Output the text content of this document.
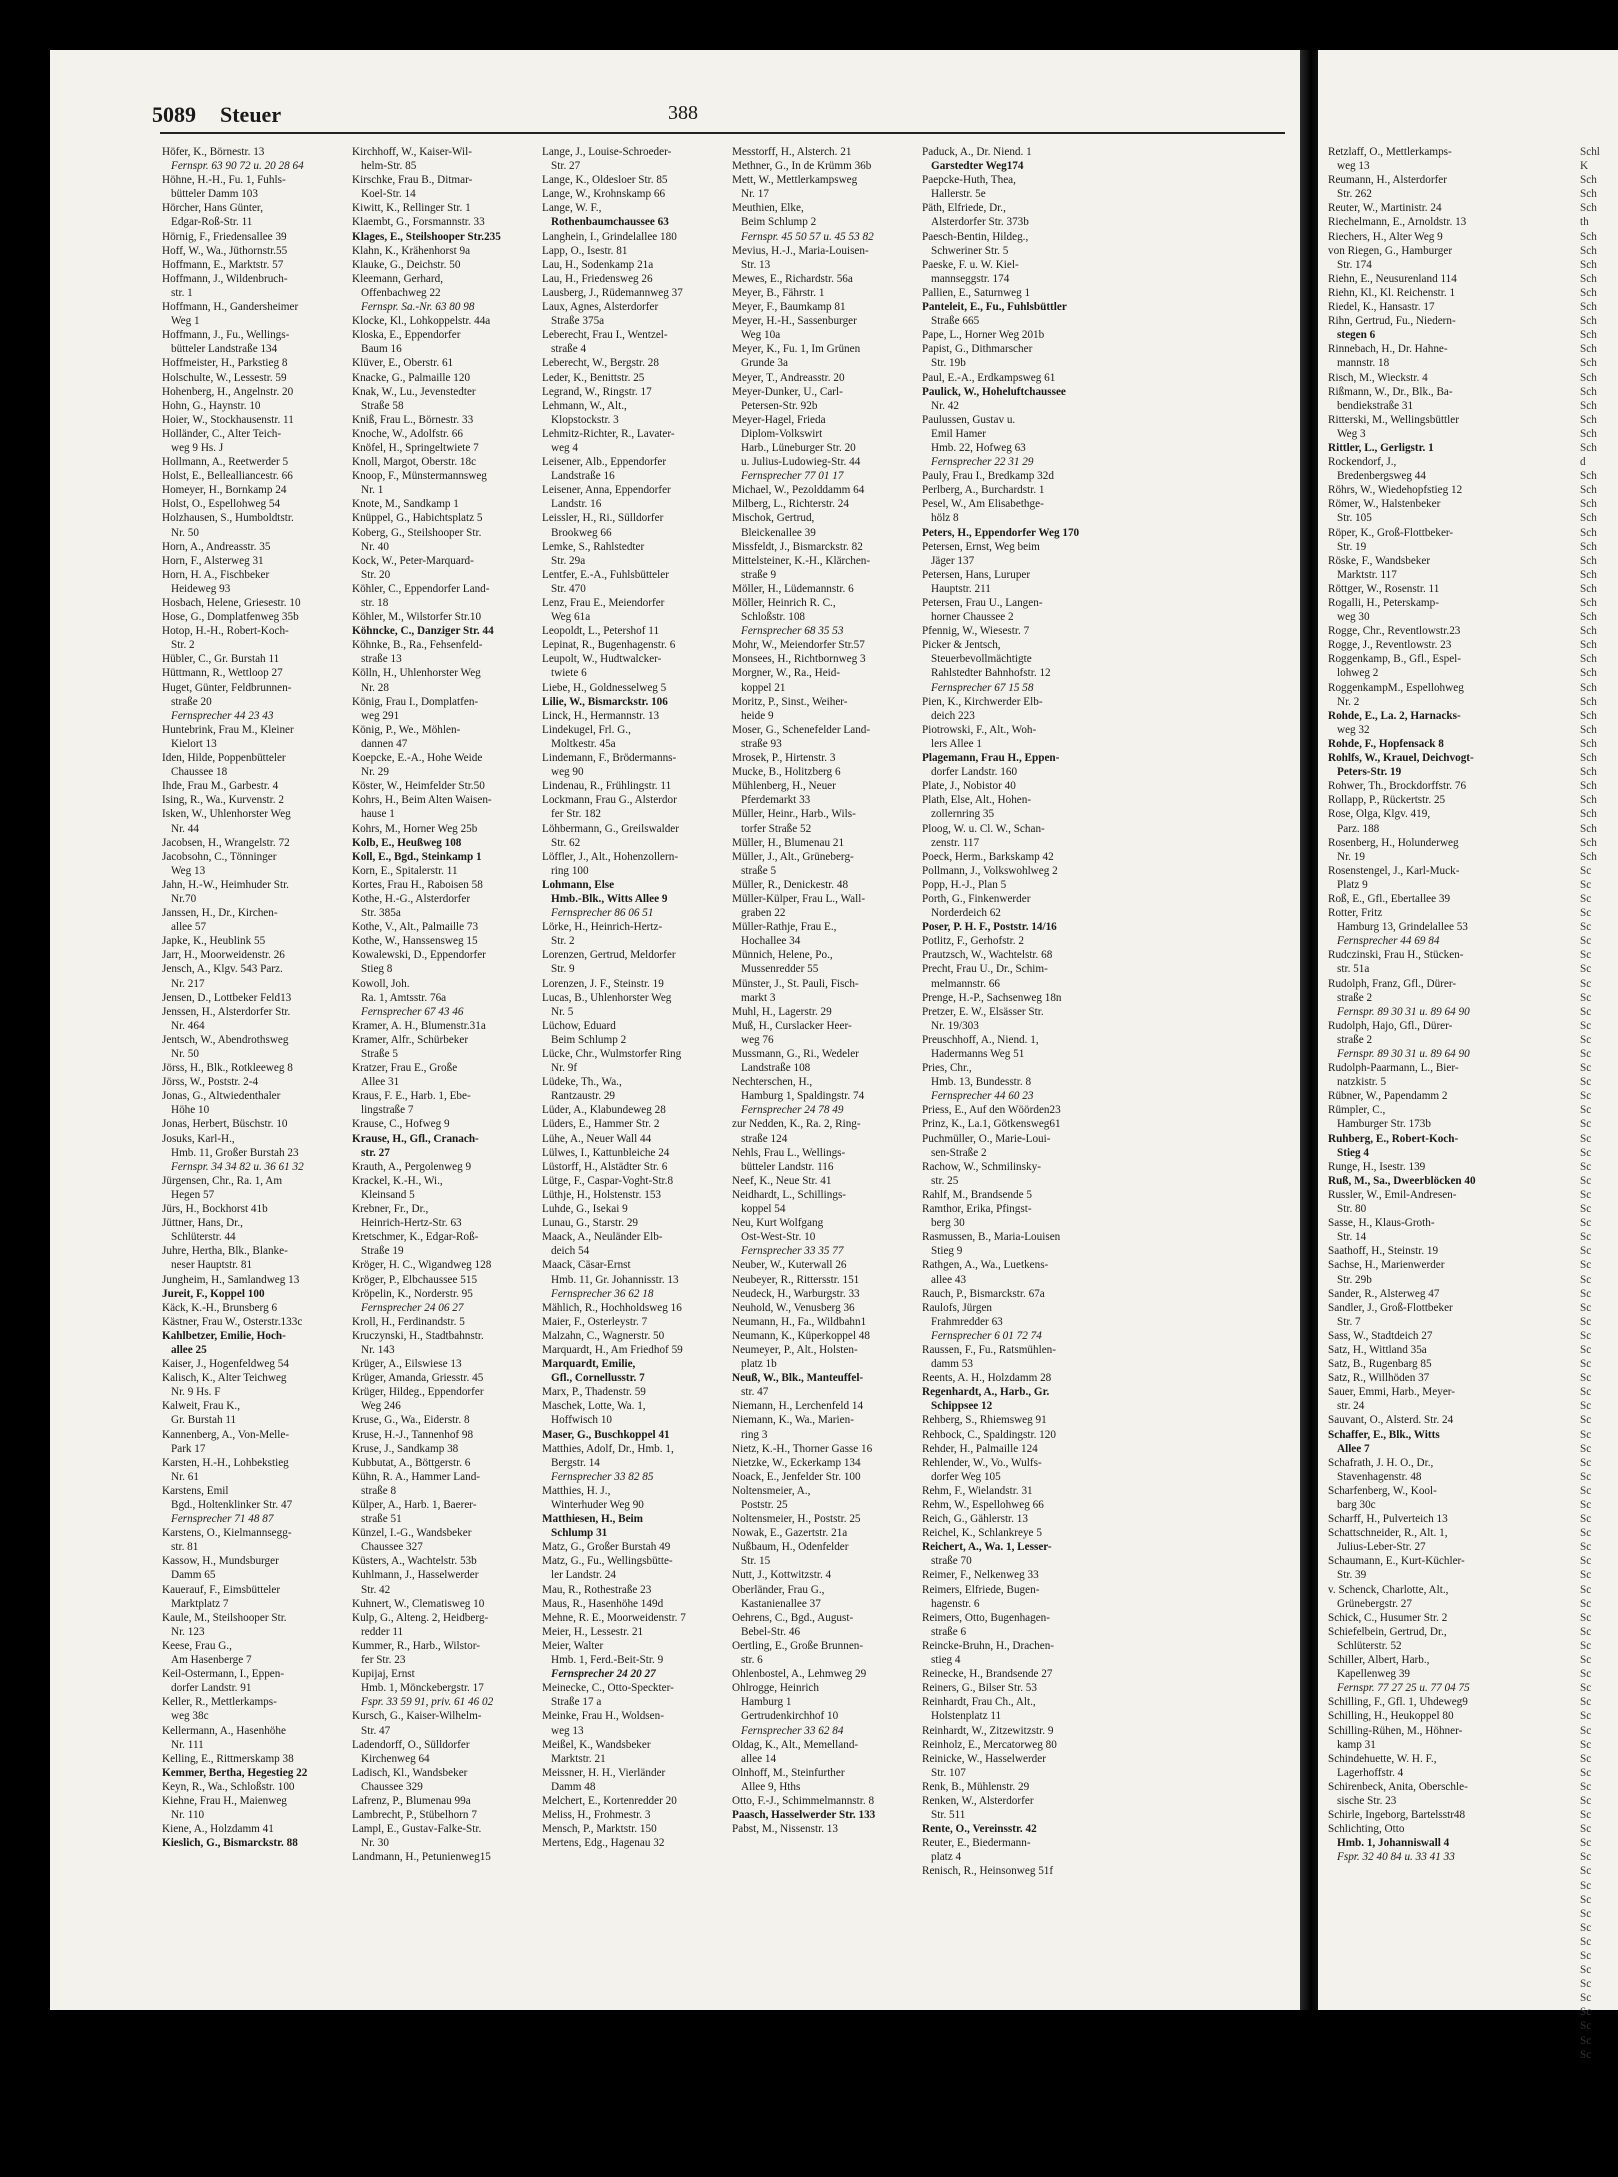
5089 Steuer	388
Höfer, K., Börnestr. 13
Fernspr. 63 90 72 u. 20 28 64
Höhne, H.-H., Fu. 1, Fuhls-
bütteler Damm 103
Hörcher, Hans Günter,
Edgar-Roß-Str. 11
Hörnig, F., Friedensallee 39
Hoff, W., Wa., Jüthornstr.55
Hoffmann, E., Marktstr. 57
Hoffmann, J., Wildenbruch-
str. 1
Hoffmann, H., Gandersheimer
Weg 1
Hoffmann, J., Fu., Wellings-
bütteler Landstraße 134
Hoffmeister, H., Parkstieg 8
Holschulte, W., Lessestr. 59
Hohenberg, H., Angelnstr. 20
Hohn, G., Haynstr. 10
Hoier, W., Stockhausenstr. 11
Holländer, C., Alter Teich-
weg 9 Hs. J
Hollmann, A., Reetwerder 5
Holst, E., Bellealliancestr. 66
Homeyer, H., Bornkamp 24
Holst, O., Espellohweg 54
Holzhausen, S., Humboldtstr.
Nr. 50
Horn, A., Andreasstr. 35
Horn, F., Alsterweg 31
Horn, H. A., Fischbeker
Heideweg 93
Hosbach, Helene, Griesestr. 10
Hose, G., Domplatfenweg 35b
Hotop, H.-H., Robert-Koch-
Str. 2
Hübler, C., Gr. Burstah 11
Hüttmann, R., Wettloop 27
Huget, Günter, Feldbrunnen-
straße 20
Fernsprecher 44 23 43
Huntebrink, Frau M., Kleiner
Kielort 13
Iden, Hilde, Poppenbütteler
Chaussee 18
Ihde, Frau M., Garbestr. 4
Ising, R., Wa., Kurvenstr. 2
Isken, W., Uhlenhorster Weg
Nr. 44
Jacobsen, H., Wrangelstr. 72
Jacobsohn, C., Tönninger
Weg 13
Jahn, H.-W., Heimhuder Str.
Nr.70
Janssen, H., Dr., Kirchen-
allee 57
Japke, K., Heublink 55
Jarr, H., Moorweidenstr. 26
Jensch, A., Klgv. 543 Parz.
Nr. 217
Jensen, D., Lottbeker Feld13
Jenssen, H., Alsterdorfer Str.
Nr. 464
Jentsch, W., Abendrothsweg
Nr. 50
Jörss, H., Blk., Rotkleeweg 8
Jörss, W., Poststr. 2-4
Jonas, G., Altwiedenthaler
Höhe 10
Jonas, Herbert, Büschstr. 10
Josuks, Karl-H.,
Hmb. 11, Großer Burstah 23
Fernspr. 34 34 82 u. 36 61 32
Jürgensen, Chr., Ra. 1, Am
Hegen 57
Jürs, H., Bockhorst 41b
Jüttner, Hans, Dr.,
Schlüterstr. 44
Juhre, Hertha, Blk., Blanke-
neser Hauptstr. 81
Jungheim, H., Samlandweg 13
Jureit, F., Koppel 100
Käck, K.-H., Brunsberg 6
Kästner, Frau W., Osterstr.133c
Kahlbetzer, Emilie, Hoch-
allee 25
Kaiser, J., Hogenfeldweg 54
Kalisch, K., Alter Teichweg
Nr. 9 Hs. F
Kalweit, Frau K.,
Gr. Burstah 11
Kannenberg, A., Von-Melle-
Park 17
Karsten, H.-H., Lohbekstieg
Nr. 61
Karstens, Emil
Bgd., Holtenklinker Str. 47
Fernsprecher 71 48 87
Karstens, O., Kielmannsegg-
str. 81
Kassow, H., Mundsburger
Damm 65
Kauerauf, F., Eimsbütteler
Marktplatz 7
Kaule, M., Steilshooper Str.
Nr. 123
Keese, Frau G.,
Am Hasenberge 7
Keil-Ostermann, I., Eppen-
dorfer Landstr. 91
Keller, R., Mettlerkamps-
weg 38c
Kellermann, A., Hasenhöhe
Nr. 111
Kelling, E., Rittmerskamp 38
Kemmer, Bertha, Hegestieg 22
Keyn, R., Wa., Schloßstr. 100
Kiehne, Frau H., Maienweg
Nr. 110
Kiene, A., Holzdamm 41
Kieslich, G., Bismarckstr. 88
Kirchhoff, W., Kaiser-Wil-
helm-Str. 85
Kirschke, Frau B., Ditmar-
Koel-Str. 14
Kiwitt, K., Rellinger Str. 1
Klaembt, G., Forsmannstr. 33
Klages, E., Steilshooper Str.235
Klahn, K., Krähenhorst 9a
Klauke, G., Deichstr. 50
Kleemann, Gerhard,
Offenbachweg 22
Fernspr. Sa.-Nr. 63 80 98
Klocke, Kl., Lohkoppelstr. 44a
Kloska, E., Eppendorfer
Baum 16
Klüver, E., Oberstr. 61
Knacke, G., Palmaille 120
Knak, W., Lu., Jevenstedter
Straße 58
Kniß, Frau L., Börnestr. 33
Knoche, W., Adolfstr. 66
Knöfel, H., Springeltwiete 7
Knoll, Margot, Oberstr. 18c
Knoop, F., Münstermannsweg
Nr. 1
Knote, M., Sandkamp 1
Knüppel, G., Habichtsplatz 5
Koberg, G., Steilshooper Str.
Nr. 40
Kock, W., Peter-Marquard-
Str. 20
Köhler, C., Eppendorfer Land-
str. 18
Köhler, M., Wilstorfer Str.10
Köhncke, C., Danziger Str. 44
Köhnke, B., Ra., Fehsenfeld-
straße 13
Kölln, H., Uhlenhorster Weg
Nr. 28
König, Frau I., Domplatfen-
weg 291
König, P., We., Möhlen-
dannen 47
Koepcke, E.-A., Hohe Weide
Nr. 29
Köster, W., Heimfelder Str.50
Kohrs, H., Beim Alten Waisen-
hause 1
Kohrs, M., Horner Weg 25b
Kolb, E., Heußweg 108
Koll, E., Bgd., Steinkamp 1
Korn, E., Spitalerstr. 11
Kortes, Frau H., Raboisen 58
Kothe, H.-G., Alsterdorfer
Str. 385a
Kothe, V., Alt., Palmaille 73
Kothe, W., Hanssensweg 15
Kowalewski, D., Eppendorfer
Stieg 8
Kowoll, Joh.
Ra. 1, Amtsstr. 76a
Fernsprecher 67 43 46
Kramer, A. H., Blumenstr.31a
Kramer, Alfr., Schürbeker
Straße 5
Kratzer, Frau E., Große
Allee 31
Kraus, F. E., Harb. 1, Ebe-
lingstraße 7
Krause, C., Hofweg 9
Krause, H., Gfl., Cranach-
str. 27
Krauth, A., Pergolenweg 9
Krackel, K.-H., Wi.,
Kleinsand 5
Krebner, Fr., Dr.,
Heinrich-Hertz-Str. 63
Kretschmer, K., Edgar-Roß-
Straße 19
Kröger, H. C., Wigandweg 128
Kröger, P., Elbchaussee 515
Kröpelin, K., Norderstr. 95
Fernsprecher 24 06 27
Kroll, H., Ferdinandstr. 5
Kruczynski, H., Stadtbahnstr.
Nr. 143
Krüger, A., Eilswiese 13
Krüger, Amanda, Griesstr. 45
Krüger, Hildeg., Eppendorfer
Weg 246
Kruse, G., Wa., Eiderstr. 8
Kruse, H.-J., Tannenhof 98
Kruse, J., Sandkamp 38
Kubbutat, A., Böttgerstr. 6
Kühn, R. A., Hammer Land-
straße 8
Külper, A., Harb. 1, Baerer-
straße 51
Künzel, I.-G., Wandsbeker
Chaussee 327
Küsters, A., Wachtelstr. 53b
Kuhlmann, J., Hasselwerder
Str. 42
Kuhnert, W., Clematisweg 10
Kulp, G., Alteng. 2, Heidberg-
redder 11
Kummer, R., Harb., Wilstor-
fer Str. 23
Kupijaj, Ernst
Hmb. 1, Mönckebergstr. 17
Fspr. 33 59 91, priv. 61 46 02
Kursch, G., Kaiser-Wilhelm-
Str. 47
Ladendorff, O., Sülldorfer
Kirchenweg 64
Ladisch, Kl., Wandsbeker
Chaussee 329
Lafrenz, P., Blumenau 99a
Lambrecht, P., Stübelhorn 7
Lampl, E., Gustav-Falke-Str.
Nr. 30
Landmann, H., Petunienweg15
Lange, J., Louise-Schroeder-
Str. 27
Lange, K., Oldesloer Str. 85
Lange, W., Krohnskamp 66
Lange, W. F.,
Rothenbaumchaussee 63
Langhein, I., Grindelallee 180
Lapp, O., Isestr. 81
Lau, H., Sodenkamp 21a
Lau, H., Friedensweg 26
Lausberg, J., Rüdemannweg 37
Laux, Agnes, Alsterdorfer
Straße 375a
Leberecht, Frau I., Wentzel-
straße 4
Leberecht, W., Bergstr. 28
Leder, K., Benittstr. 25
Legrand, W., Ringstr. 17
Lehmann, W., Alt.,
Klopstockstr. 3
Lehmitz-Richter, R., Lavater-
weg 4
Leisener, Alb., Eppendorfer
Landstraße 16
Leisener, Anna, Eppendorfer
Landstr. 16
Leissler, H., Ri., Sülldorfer
Brookweg 66
Lemke, S., Rahlstedter
Str. 29a
Lentfer, E.-A., Fuhlsbütteler
Str. 470
Lenz, Frau E., Meiendorfer
Weg 61a
Leopoldt, L., Petershof 11
Lepinat, R., Bugenhagenstr. 6
Leupolt, W., Hudtwalcker-
twiete 6
Liebe, H., Goldnesselweg 5
Lilie, W., Bismarckstr. 106
Linck, H., Hermannstr. 13
Lindekugel, Frl. G.,
Moltkestr. 45a
Lindemann, F., Brödermanns-
weg 90
Lindenau, R., Frühlingstr. 11
Lockmann, Frau G., Alsterdor
fer Str. 182
Löhbermann, G., Greilswalder
Str. 62
Löffler, J., Alt., Hohenzollern-
ring 100
Lohmann, Else
Hmb.-Blk., Witts Allee 9
Fernsprecher 86 06 51
Lörke, H., Heinrich-Hertz-
Str. 2
Lorenzen, Gertrud, Meldorfer
Str. 9
Lorenzen, J. F., Steinstr. 19
Lucas, B., Uhlenhorster Weg
Nr. 5
Lüchow, Eduard
Beim Schlump 2
Lücke, Chr., Wulmstorfer Ring
Nr. 9f
Lüdeke, Th., Wa.,
Rantzaustr. 29
Lüder, A., Klabundeweg 28
Lüders, E., Hammer Str. 2
Lühe, A., Neuer Wall 44
Lülwes, I., Kattunbleiche 24
Lüstorff, H., Alstädter Str. 6
Lütge, F., Caspar-Voght-Str.8
Lüthje, H., Holstenstr. 153
Luhde, G., Isekai 9
Lunau, G., Starstr. 29
Maack, A., Neuländer Elb-
deich 54
Maack, Cäsar-Ernst
Hmb. 11, Gr. Johannisstr. 13
Fernsprecher 36 62 18
Mählich, R., Hochholdsweg 16
Maier, F., Osterleystr. 7
Malzahn, C., Wagnerstr. 50
Marquardt, H., Am Friedhof 59
Marquardt, Emilie,
Gfl., Cornellusstr. 7
Marx, P., Thadenstr. 59
Maschek, Lotte, Wa. 1,
Hoffwisch 10
Maser, G., Buschkoppel 41
Matthies, Adolf, Dr., Hmb. 1,
Bergstr. 14
Fernsprecher 33 82 85
Matthies, H. J.,
Winterhuder Weg 90
Matthiesen, H., Beim
Schlump 31
Matz, G., Großer Burstah 49
Matz, G., Fu., Wellingsbütte-
ler Landstr. 24
Mau, R., Rothestraße 23
Maus, R., Hasenhöhe 149d
Mehne, R. E., Moorweidenstr. 7
Meier, H., Lessestr. 21
Meier, Walter
Hmb. 1, Ferd.-Beit-Str. 9
Fernsprecher 24 20 27
Meinecke, C., Otto-Speckter-
Straße 17 a
Meinke, Frau H., Woldsen-
weg 13
Meißel, K., Wandsbeker
Marktstr. 21
Meissner, H. H., Vierländer
Damm 48
Melchert, E., Kortenredder 20
Meliss, H., Frohmestr. 3
Mensch, P., Marktstr. 150
Mertens, Edg., Hagenau 32
Messtorff, H., Alsterch. 21
Methner, G., In de Krümm 36b
Mett, W., Mettlerkampsweg
Nr. 17
Meuthien, Elke,
Beim Schlump 2
Fernspr. 45 50 57 u. 45 53 82
Mevius, H.-J., Maria-Louisen-
Str. 13
Mewes, E., Richardstr. 56a
Meyer, B., Fährstr. 1
Meyer, F., Baumkamp 81
Meyer, H.-H., Sassenburger
Weg 10a
Meyer, K., Fu. 1, Im Grünen
Grunde 3a
Meyer, T., Andreasstr. 20
Meyer-Dunker, U., Carl-
Petersen-Str. 92b
Meyer-Hagel, Frieda
Diplom-Volkswirt
Harb., Lüneburger Str. 20
u. Julius-Ludowieg-Str. 44
Fernsprecher 77 01 17
Michael, W., Pezolddamm 64
Milberg, L., Richterstr. 24
Mischok, Gertrud,
Bleickenallee 39
Missfeldt, J., Bismarckstr. 82
Mittelsteiner, K.-H., Klärchen-
straße 9
Möller, H., Lüdemannstr. 6
Möller, Heinrich R. C.,
Schloßstr. 108
Fernsprecher 68 35 53
Mohr, W., Meiendorfer Str.57
Monsees, H., Richtbornweg 3
Morgner, W., Ra., Heid-
koppel 21
Moritz, P., Sinst., Weiher-
heide 9
Moser, G., Schenefelder Land-
straße 93
Mrosek, P., Hirtenstr. 3
Mucke, B., Holitzberg 6
Mühlenberg, H., Neuer
Pferdemarkt 33
Müller, Heinr., Harb., Wils-
torfer Straße 52
Müller, H., Blumenau 21
Müller, J., Alt., Grüneberg-
straße 5
Müller, R., Denickestr. 48
Müller-Külper, Frau L., Wall-
graben 22
Müller-Rathje, Frau E.,
Hochallee 34
Münnich, Helene, Po.,
Mussenredder 55
Münster, J., St. Pauli, Fisch-
markt 3
Muhl, H., Lagerstr. 29
Muß, H., Curslacker Heer-
weg 76
Mussmann, G., Ri., Wedeler
Landstraße 108
Nechterschen, H.,
Hamburg 1, Spaldingstr. 74
Fernsprecher 24 78 49
zur Nedden, K., Ra. 2, Ring-
straße 124
Nehls, Frau L., Wellings-
bütteler Landstr. 116
Neef, K., Neue Str. 41
Neidhardt, L., Schillings-
koppel 54
Neu, Kurt Wolfgang
Ost-West-Str. 10
Fernsprecher 33 35 77
Neuber, W., Kuterwall 26
Neubeyer, R., Rittersstr. 151
Neudeck, H., Warburgstr. 33
Neuhold, W., Venusberg 36
Neumann, H., Fa., Wildbahn1
Neumann, K., Küperkoppel 48
Neumeyer, P., Alt., Holsten-
platz 1b
Neuß, W., Blk., Manteuffel-
str. 47
Niemann, H., Lerchenfeld 14
Niemann, K., Wa., Marien-
ring 3
Nietz, K.-H., Thorner Gasse 16
Nietzke, W., Eckerkamp 134
Noack, E., Jenfelder Str. 100
Noltensmeier, A.,
Poststr. 25
Noltensmeier, H., Poststr. 25
Nowak, E., Gazertstr. 21a
Nußbaum, H., Odenfelder
Str. 15
Nutt, J., Kottwitzstr. 4
Oberländer, Frau G.,
Kastanienallee 37
Oehrens, C., Bgd., August-
Bebel-Str. 46
Oertling, E., Große Brunnen-
str. 6
Ohlenbostel, A., Lehmweg 29
Ohlrogge, Heinrich
Hamburg 1
Gertrudenkirchhof 10
Fernsprecher 33 62 84
Oldag, K., Alt., Memelland-
allee 14
Olnhoff, M., Steinfurther
Allee 9, Hths
Otto, F.-J., Schimmelmannstr. 8
Paasch, Hasselwerder Str. 133
Pabst, M., Nissenstr. 13
Paduck, A., Dr. Niend. 1
Garstedter Weg174
Paepcke-Huth, Thea,
Hallerstr. 5e
Päth, Elfriede, Dr.,
Alsterdorfer Str. 373b
Paesch-Bentin, Hildeg.,
Schweriner Str. 5
Paeske, F. u. W. Kiel-
mannseggstr. 174
Pallien, E., Saturnweg 1
Panteleit, E., Fu., Fuhlsbüttler
Straße 665
Pape, L., Horner Weg 201b
Papist, G., Dithmarscher
Str. 19b
Paul, E.-A., Erdkampsweg 61
Paulick, W., Hoheluftchaussee
Nr. 42
Paulussen, Gustav u.
Emil Hamer
Hmb. 22, Hofweg 63
Fernsprecher 22 31 29
Pauly, Frau I., Bredkamp 32d
Perlberg, A., Burchardstr. 1
Pesel, W., Am Elisabethge-
hölz 8
Peters, H., Eppendorfer Weg 170
Petersen, Ernst, Weg beim
Jäger 137
Petersen, Hans, Luruper
Hauptstr. 211
Petersen, Frau U., Langen-
horner Chaussee 2
Pfennig, W., Wiesestr. 7
Picker & Jentsch,
Steuerbevollmächtigte
Rahlstedter Bahnhofstr. 12
Fernsprecher 67 15 58
Pien, K., Kirchwerder Elb-
deich 223
Piotrowski, F., Alt., Woh-
lers Allee 1
Plagemann, Frau H., Eppen-
dorfer Landstr. 160
Plate, J., Nobistor 40
Plath, Else, Alt., Hohen-
zollernring 35
Ploog, W. u. Cl. W., Schan-
zenstr. 117
Poeck, Herm., Barkskamp 42
Pollmann, J., Volkswohlweg 2
Popp, H.-J., Plan 5
Porth, G., Finkenwerder
Norderdeich 62
Poser, P. H. F., Poststr. 14/16
Potlitz, F., Gerhofstr. 2
Prautzsch, W., Wachtelstr. 68
Precht, Frau U., Dr., Schim-
melmannstr. 66
Prenge, H.-P., Sachsenweg 18n
Pretzer, E. W., Elsässer Str.
Nr. 19/303
Preuschhoff, A., Niend. 1,
Hadermanns Weg 51
Pries, Chr.,
Hmb. 13, Bundesstr. 8
Fernsprecher 44 60 23
Priess, E., Auf den Wöörden23
Prinz, K., La.1, Götkensweg61
Puchmüller, O., Marie-Loui-
sen-Straße 2
Rachow, W., Schmilinsky-
str. 25
Rahlf, M., Brandsende 5
Ramthor, Erika, Pfingst-
berg 30
Rasmussen, B., Maria-Louisen
Stieg 9
Rathgen, A., Wa., Luetkens-
allee 43
Rauch, P., Bismarckstr. 67a
Raulofs, Jürgen
Frahmredder 63
Fernsprecher 6 01 72 74
Raussen, F., Fu., Ratsmühlen-
damm 53
Reents, A. H., Holzdamm 28
Regenhardt, A., Harb., Gr.
Schippsee 12
Rehberg, S., Rhiemsweg 91
Rehbock, C., Spaldingstr. 120
Rehder, H., Palmaille 124
Rehlender, W., Vo., Wulfs-
dorfer Weg 105
Rehm, F., Wielandstr. 31
Rehm, W., Espellohweg 66
Reich, G., Gählerstr. 13
Reichel, K., Schlankreye 5
Reichert, A., Wa. 1, Lesser-
straße 70
Reimer, F., Nelkenweg 33
Reimers, Elfriede, Bugen-
hagenstr. 6
Reimers, Otto, Bugenhagen-
straße 6
Reincke-Bruhn, H., Drachen-
stieg 4
Reinecke, H., Brandsende 27
Reiners, G., Bilser Str. 53
Reinhardt, Frau Ch., Alt.,
Holstenplatz 11
Reinhardt, W., Zitzewitzstr. 9
Reinholz, E., Mercatorweg 80
Reinicke, W., Hasselwerder
Str. 107
Renk, B., Mühlenstr. 29
Renken, W., Alsterdorfer
Str. 511
Rente, O., Vereinsstr. 42
Reuter, E., Biedermann-
platz 4
Renisch, R., Heinsonweg 51f
Retzlaff, O., Mettlerkamps-
weg 13
Reumann, H., Alsterdorfer
Str. 262
Reuter, W., Martinistr. 24
Riechelmann, E., Arnoldstr. 13
Riechers, H., Alter Weg 9
von Riegen, G., Hamburger
Str. 174
Riehn, E., Neusurenland 114
Riehn, Kl., Kl. Reichenstr. 1
Riedel, K., Hansastr. 17
Rihn, Gertrud, Fu., Niedern-
stegen 6
Rinnebach, H., Dr. Hahne-
mannstr. 18
Risch, M., Wieckstr. 4
Rißmann, W., Dr., Blk., Ba-
bendiekstraße 31
Ritterski, M., Wellingsbüttler
Weg 3
Rittler, L., Gerligstr. 1
Rockendorf, J.,
Bredenbergsweg 44
Röhrs, W., Wiedehopfstieg 12
Römer, W., Halstenbeker
Str. 105
Röper, K., Groß-Flottbeker-
Str. 19
Röske, F., Wandsbeker
Marktstr. 117
Röttger, W., Rosenstr. 11
Rogalli, H., Peterskamp-
weg 30
Rogge, Chr., Reventlowstr.23
Rogge, J., Reventlowstr. 23
Roggenkamp, B., Gfl., Espel-
lohweg 2
RoggenkampM., Espellohweg
Nr. 2
Rohde, E., La. 2, Harnacks-
weg 32
Rohde, F., Hopfensack 8
Rohlfs, W., Krauel, Deichvogt-
Peters-Str. 19
Rohwer, Th., Brockdorffstr. 76
Rollapp, P., Rückertstr. 25
Rose, Olga, Klgv. 419,
Parz. 188
Rosenberg, H., Holunderweg
Nr. 19
Rosenstengel, J., Karl-Muck-
Platz 9
Roß, E., Gfl., Ebertallee 39
Rotter, Fritz
Hamburg 13, Grindelallee 53
Fernsprecher 44 69 84
Rudczinski, Frau H., Stücken-
str. 51a
Rudolph, Franz, Gfl., Dürer-
straße 2
Fernspr. 89 30 31 u. 89 64 90
Rudolph, Hajo, Gfl., Dürer-
straße 2
Fernspr. 89 30 31 u. 89 64 90
Rudolph-Paarmann, L., Bier-
natzkistr. 5
Rübner, W., Papendamm 2
Rümpler, C.,
Hamburger Str. 173b
Ruhberg, E., Robert-Koch-
Stieg 4
Runge, H., Isestr. 139
Ruß, M., Sa., Dweerblöcken 40
Russler, W., Emil-Andresen-
Str. 80
Sasse, H., Klaus-Groth-
Str. 14
Saathoff, H., Steinstr. 19
Sachse, H., Marienwerder
Str. 29b
Sander, R., Alsterweg 47
Sandler, J., Groß-Flottbeker
Str. 7
Sass, W., Stadtdeich 27
Satz, H., Wittland 35a
Satz, B., Rugenbarg 85
Satz, R., Willhöden 37
Sauer, Emmi, Harb., Meyer-
str. 24
Sauvant, O., Alsterd. Str. 24
Schaffer, E., Blk., Witts
Allee 7
Schafrath, J. H. O., Dr.,
Stavenhagenstr. 48
Scharfenberg, W., Kool-
barg 30c
Scharff, H., Pulverteich 13
Schattschneider, R., Alt. 1,
Julius-Leber-Str. 27
Schaumann, E., Kurt-Küchler-
Str. 39
v. Schenck, Charlotte, Alt.,
Grünebergstr. 27
Schick, C., Husumer Str. 2
Schiefelbein, Gertrud, Dr.,
Schlüterstr. 52
Schiller, Albert, Harb.,
Kapellenweg 39
Fernspr. 77 27 25 u. 77 04 75
Schilling, F., Gfl. 1, Uhdeweg9
Schilling, H., Heukoppel 80
Schilling-Rühen, M., Höhner-
kamp 31
Schindehuette, W. H. F.,
Lagerhoffstr. 4
Schirenbeck, Anita, Oberschle-
sische Str. 23
Schirle, Ingeborg, Bartelsstr48
Schlichting, Otto
Hmb. 1, Johanniswall 4
Fspr. 32 40 84 u. 33 41 33
Schl
K
Sch
Sch
Sch
th
Sch
Sch
Sch
Sch
Sch
Sch
Sch
Sch
Sch
Sch
Sch
Sch
Sch
Sch
Sch
Sch
d
Sch
Sch
Sch
Sch
Sch
Sch
Sch
Sch
Sch
Sch
Sch
Sch
Sch
Sch
Sch
Sch
Sch
Sch
Sch
Sch
Sch
Sch
Sch
Sch
Sch
Sch
Sch
Sch
Sc
Sc
Sc
Sc
Sc
Sc
Sc
Sc
Sc
Sc
Sc
Sc
Sc
Sc
Sc
Sc
Sc
Sc
Sc
Sc
Sc
Sc
Sc
Sc
Sc
Sc
Sc
Sc
Sc
Sc
Sc
Sc
Sc
Sc
Sc
Sc
Sc
Sc
Sc
Sc
Sc
Sc
Sc
Sc
Sc
Sc
Sc
Sc
Sc
Sc
Sc
Sc
Sc
Sc
Sc
Sc
Sc
Sc
Sc
Sc
Sc
Sc
Sc
Sc
Sc
Sc
Sc
Sc
Sc
Sc
Sc
Sc
Sc
Sc
Sc
Sc
Sc
Sc
Sc
Sc
Sc
Sc
Sc
Sc
Sc
